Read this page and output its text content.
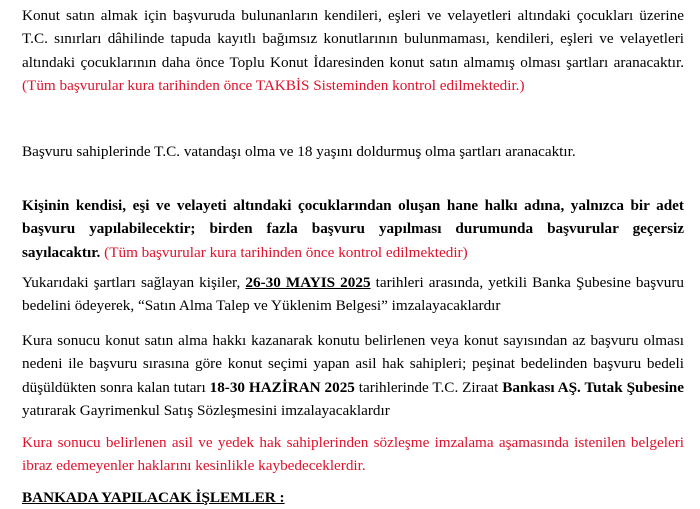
Konut satın almak için başvuruda bulunanların kendileri, eşleri ve velayetleri altındaki çocukları üzerine T.C. sınırları dâhilinde tapuda kayıtlı bağımsız konutlarının bulunmaması, kendileri, eşleri ve velayetleri altındaki çocuklarının daha önce Toplu Konut İdaresinden konut satın almamış olması şartları aranacaktır. (Tüm başvurular kura tarihinden önce TAKBİS Sisteminden kontrol edilmektedir.)
Başvuru sahiplerinde T.C. vatandaşı olma ve 18 yaşını doldurmuş olma şartları aranacaktır.
Kişinin kendisi, eşi ve velayeti altındaki çocuklarından oluşan hane halkı adına, yalnızca bir adet başvuru yapılabilecektir; birden fazla başvuru yapılması durumunda başvurular geçersiz sayılacaktır. (Tüm başvurular kura tarihinden önce kontrol edilmektedir)
Yukarıdaki şartları sağlayan kişiler, 26-30 MAYIS 2025 tarihleri arasında, yetkili Banka Şubesine başvuru bedelini ödeyerek, “Satın Alma Talep ve Yüklenim Belgesi” imzalayacaklardır
Kura sonucu konut satın alma hakkı kazanarak konutu belirlenen veya konut sayısından az başvuru olması nedeni ile başvuru sırasına göre konut seçimi yapan asil hak sahipleri; peşinat bedelinden başvuru bedeli düşüldükten sonra kalan tutarı 18-30 HAZİRAN 2025 tarihlerinde T.C. Ziraat Bankası AŞ. Tutak Şubesine yatırarak Gayrimenkul Satış Sözleşmesini imzalayacaklardır
Kura sonucu belirlenen asil ve yedek hak sahiplerinden sözleşme imzalama aşamasında istenilen belgeleri ibraz edemeyenler haklarını kesinlikle kaybedeceklerdir.
BANKADA YAPILACAK İŞLEMLER :
